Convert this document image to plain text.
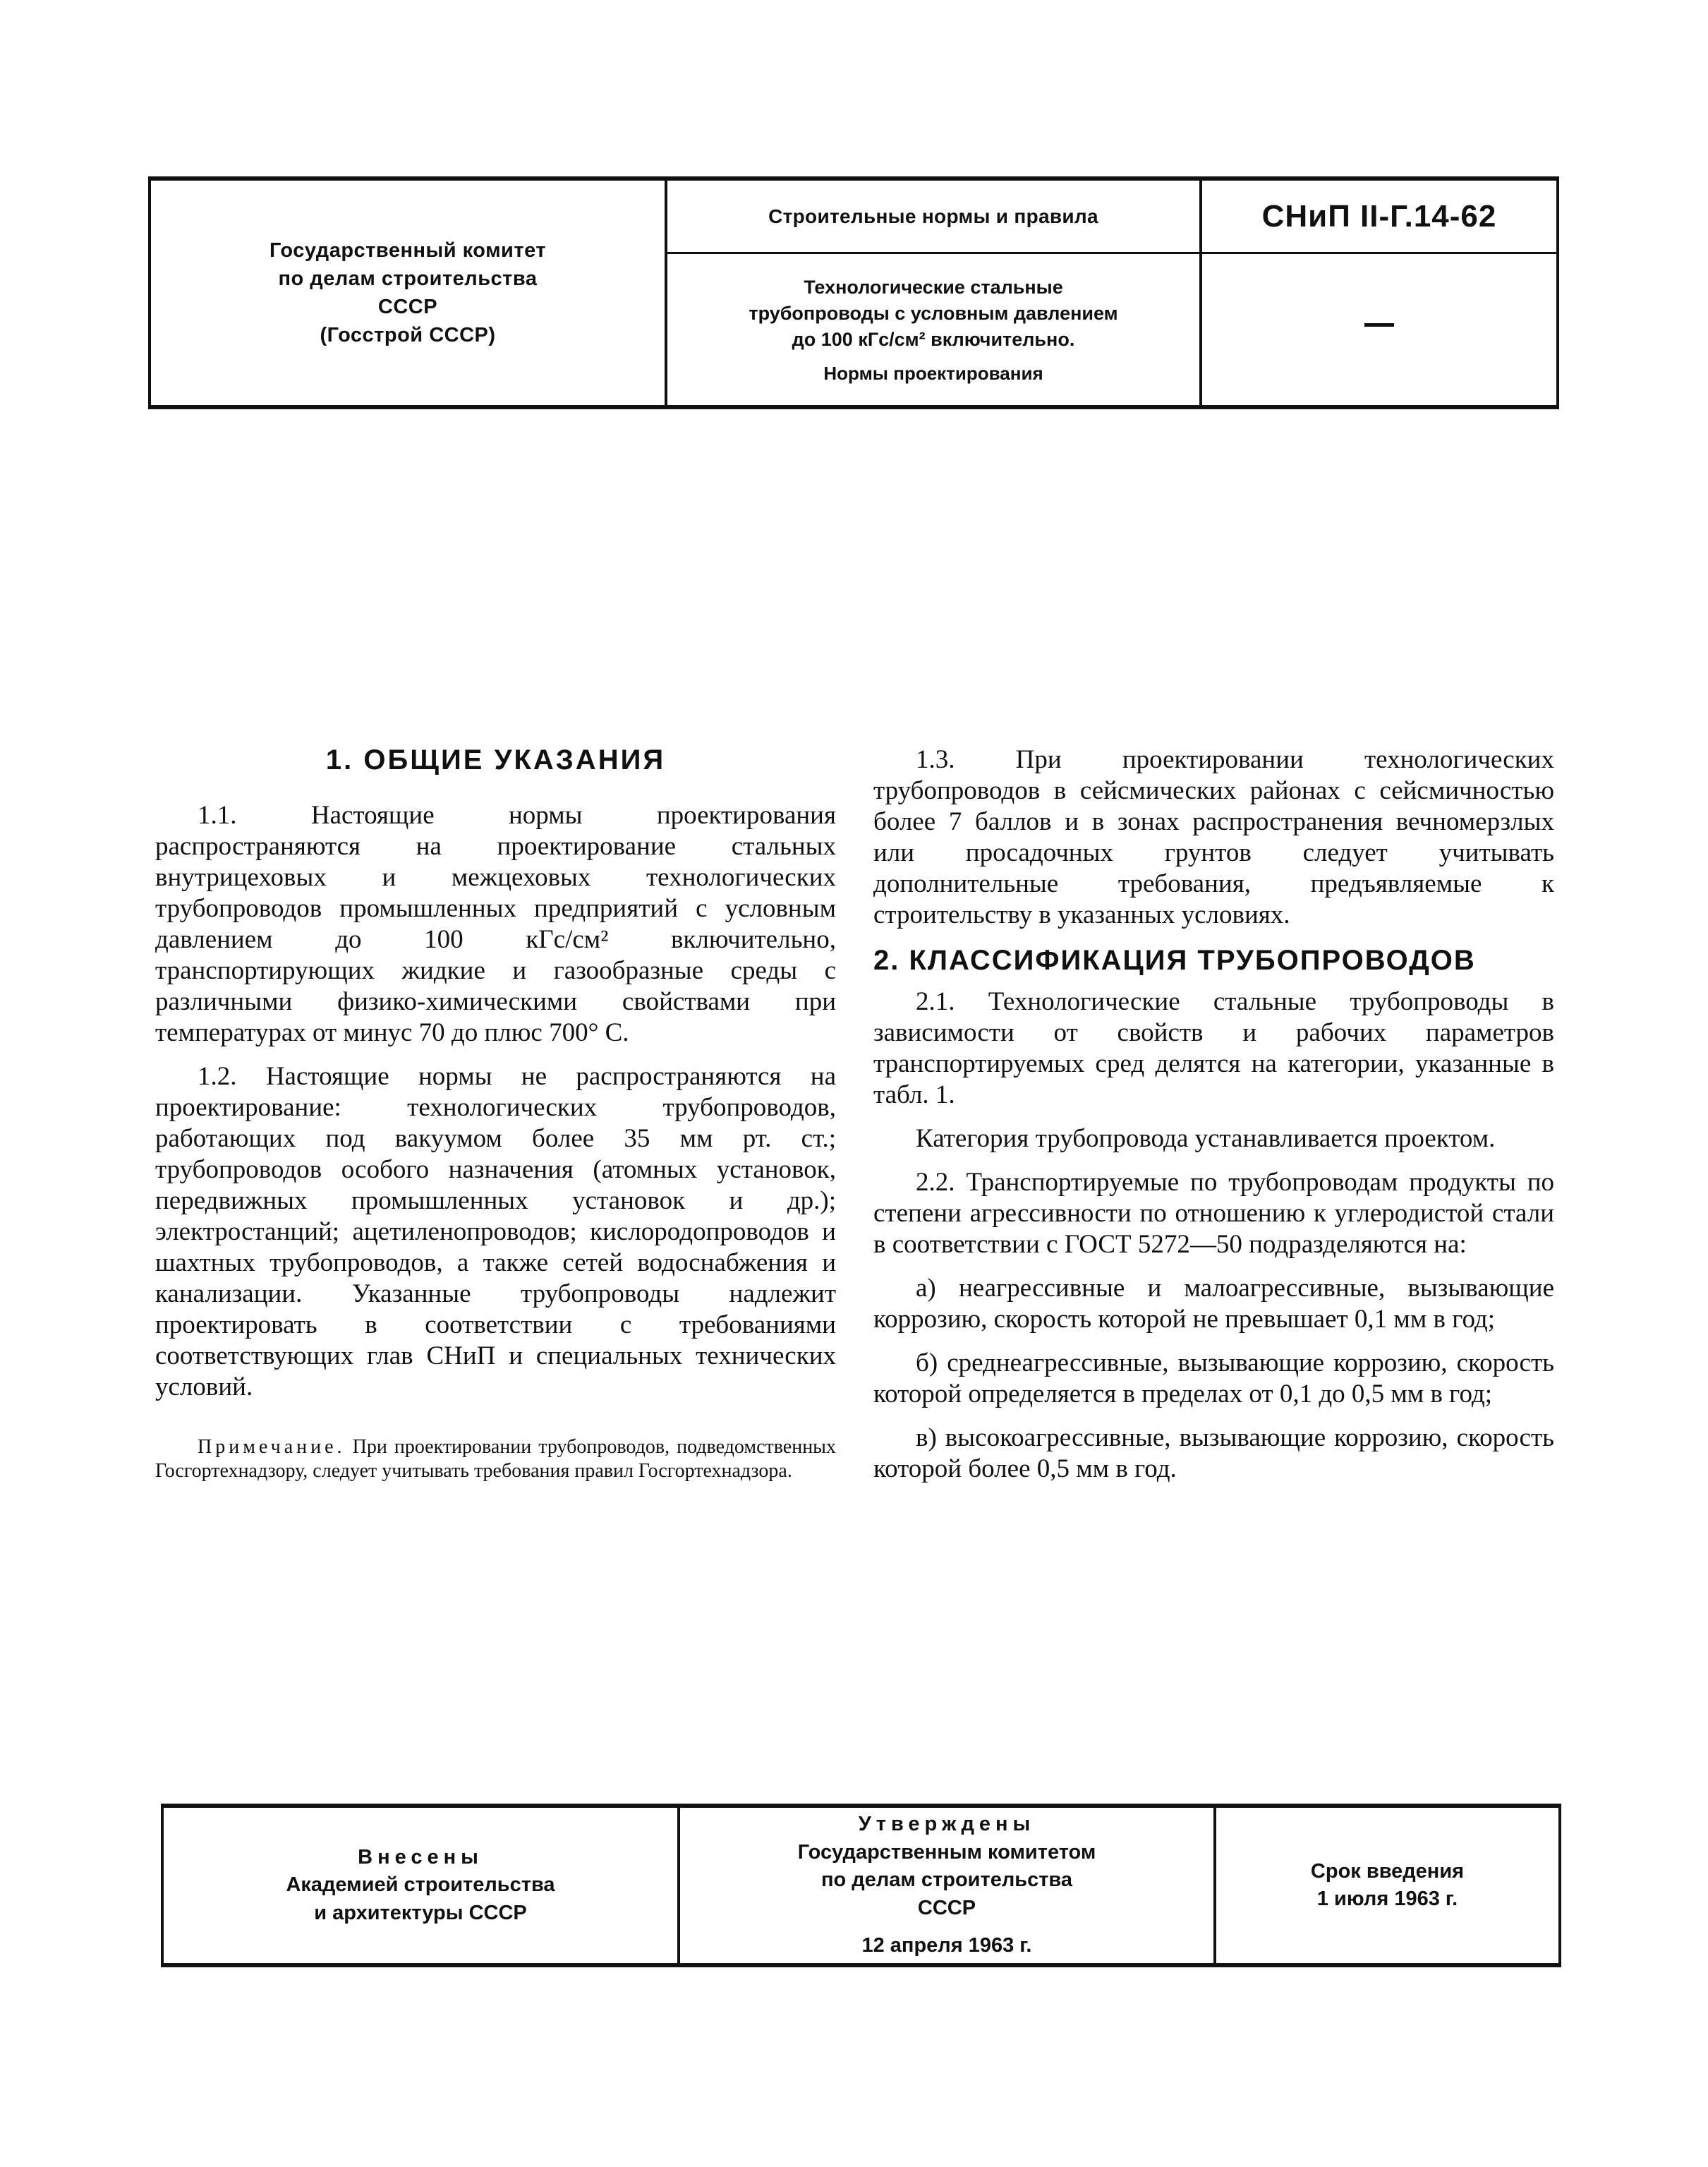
Государственный комитет
по делам строительства
СССР
(Госстрой СССР)
Строительные нормы и правила
Технологические стальные
трубопроводы с условным давлением
до 100 кГс/см² включительно.
Нормы проектирования
СНиП II-Г.14-62
1. ОБЩИЕ УКАЗАНИЯ

1.1. Настоящие нормы проектирования распространяются на проектирование стальных внутрицеховых и межцеховых технологических трубопроводов промышленных предприятий с условным давлением до 100 кГс/см² включительно, транспортирующих жидкие и газообразные среды с различными физико-химическими свойствами при температурах от минус 70 до плюс 700° С.

1.2. Настоящие нормы не распространяются на проектирование: технологических трубопроводов, работающих под вакуумом более 35 мм рт. ст.; трубопроводов особого назначения (атомных установок, передвижных промышленных установок и др.); электростанций; ацетиленопроводов; кислородопроводов и шахтных трубопроводов, а также сетей водоснабжения и канализации. Указанные трубопроводы надлежит проектировать в соответствии с требованиями соответствующих глав СНиП и специальных технических условий.

Примечание. При проектировании трубопроводов, подведомственных Госгортехнадзору, следует учитывать требования правил Госгортехнадзора.

1.3. При проектировании технологических трубопроводов в сейсмических районах с сейсмичностью более 7 баллов и в зонах распространения вечномерзлых или просадочных грунтов следует учитывать дополнительные требования, предъявляемые к строительству в указанных условиях.

2. КЛАССИФИКАЦИЯ ТРУБОПРОВОДОВ

2.1. Технологические стальные трубопроводы в зависимости от свойств и рабочих параметров транспортируемых сред делятся на категории, указанные в табл. 1.

Категория трубопровода устанавливается проектом.

2.2. Транспортируемые по трубопроводам продукты по степени агрессивности по отношению к углеродистой стали в соответствии с ГОСТ 5272—50 подразделяются на:

а) неагрессивные и малоагрессивные, вызывающие коррозию, скорость которой не превышает 0,1 мм в год;

б) среднеагрессивные, вызывающие коррозию, скорость которой определяется в пределах от 0,1 до 0,5 мм в год;

в) высокоагрессивные, вызывающие коррозию, скорость которой более 0,5 мм в год.

Внесены
Академией строительства
и архитектуры СССР
Утверждены
Государственным комитетом
по делам строительства
СССР
12 апреля 1963 г.
Срок введения
1 июля 1963 г.
